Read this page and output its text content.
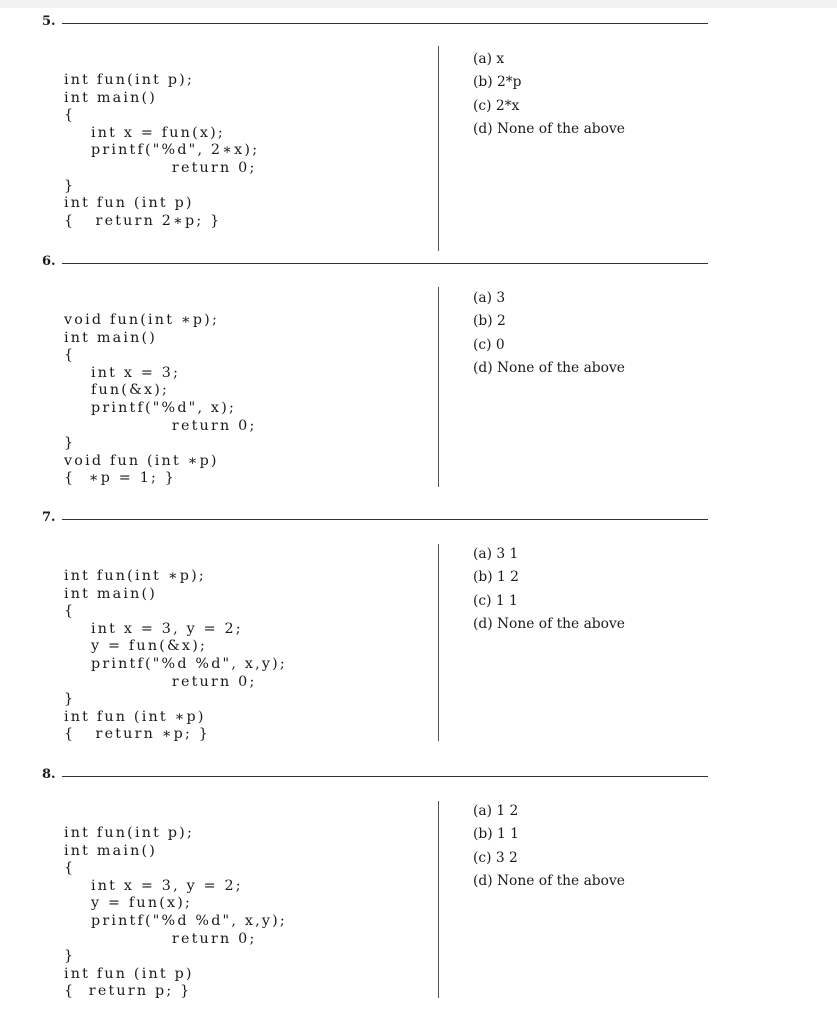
5.
int fun(int p);
int main()
{
int x = fun(x);
printf("%d", 2∗x);
return 0;
}
int fun (int p)
{   return 2∗p; }
(a) x
(b) 2*p
(c) 2*x
(d) None of the above
6.
void fun(int ∗p);
int main()
{
int x = 3;
fun(&x);
printf("%d", x);
return 0;
}
void fun (int ∗p)
{  ∗p = 1; }
(a) 3
(b) 2
(c) 0
(d) None of the above
7.
int fun(int ∗p);
int main()
{
int x = 3, y = 2;
y = fun(&x);
printf("%d %d", x,y);
return 0;
}
int fun (int ∗p)
{   return ∗p; }
(a) 3 1
(b) 1 2
(c) 1 1
(d) None of the above
8.
int fun(int p);
int main()
{
int x = 3, y = 2;
y = fun(x);
printf("%d %d", x,y);
return 0;
}
int fun (int p)
{  return p; }
(a) 1 2
(b) 1 1
(c) 3 2
(d) None of the above
